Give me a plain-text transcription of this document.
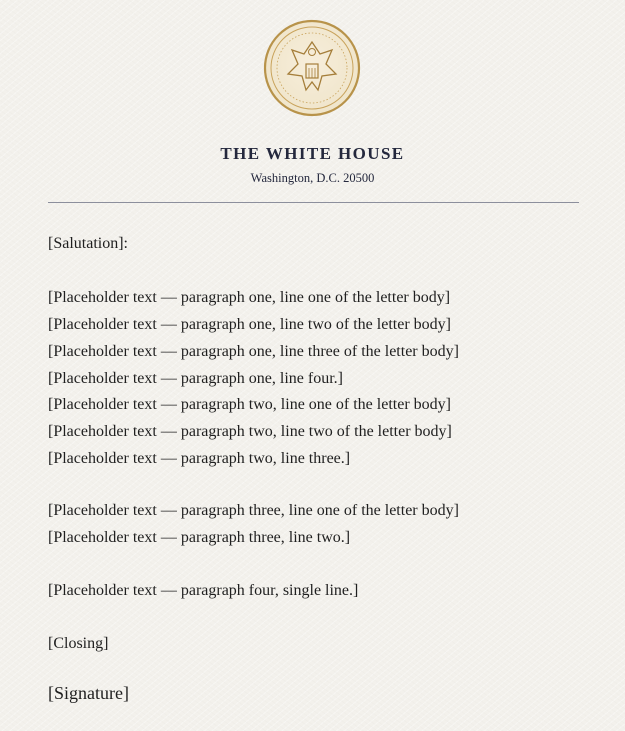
THE WHITE HOUSE
Washington, D.C. 20500
[Salutation]:
[Placeholder text — paragraph one, line one of the letter body]
[Placeholder text — paragraph one, line two of the letter body]
[Placeholder text — paragraph one, line three of the letter body]
[Placeholder text — paragraph one, line four.]
[Placeholder text — paragraph two, line one of the letter body]
[Placeholder text — paragraph two, line two of the letter body]
[Placeholder text — paragraph two, line three.]
[Placeholder text — paragraph three, line one of the letter body]
[Placeholder text — paragraph three, line two.]
[Placeholder text — paragraph four, single line.]
[Closing]
[Signature]
